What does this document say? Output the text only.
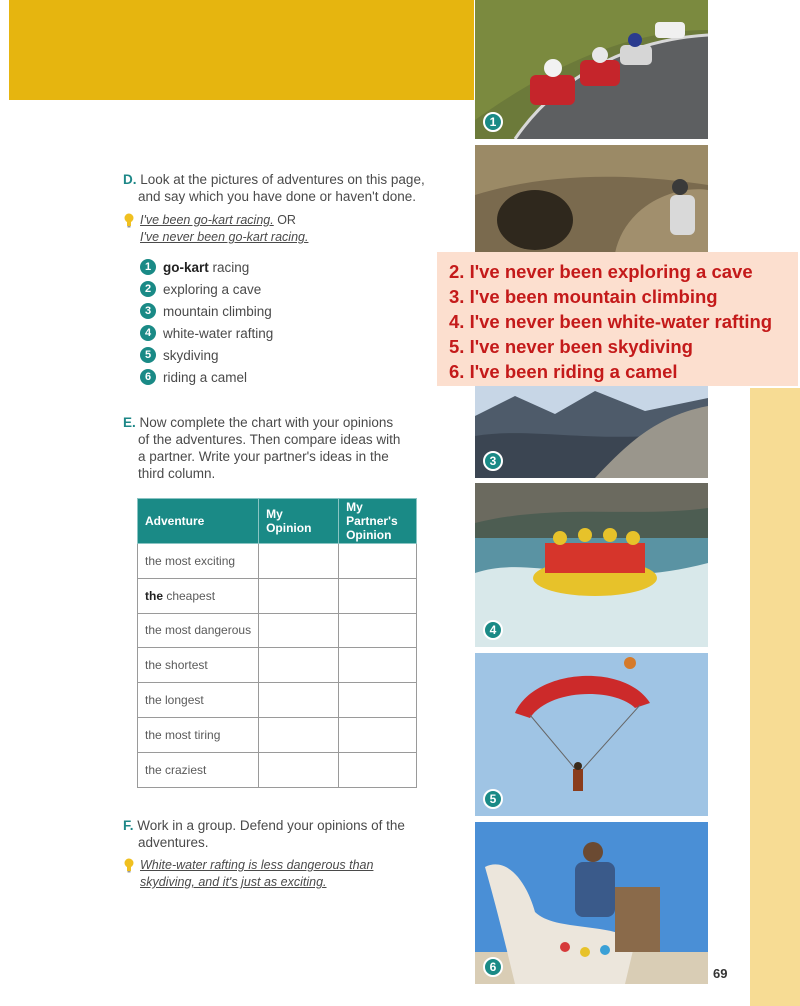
1
3
4
5
6
D. Look at the pictures of adventures on this page,
and say which you have done or haven't done.
I've been go-kart racing. OR
I've never been go-kart racing.
1 go-kart racing
2 exploring a cave
3 mountain climbing
4 white-water rafting
5 skydiving
6 riding a camel
E. Now complete the chart with your opinions
of the adventures. Then compare ideas with
a partner. Write your partner's ideas in the
third column.
Adventure	My Opinion	My Partner's Opinion
the most exciting		
the cheapest		
the most dangerous		
the shortest		
the longest		
the most tiring		
the craziest		
F. Work in a group. Defend your opinions of the
adventures.
White-water rafting is less dangerous than
skydiving, and it's just as exciting.
2. I've never been exploring a cave
3. I've been mountain climbing
4. I've never been white-water rafting
5. I've never been skydiving
6. I've been riding a camel
69
